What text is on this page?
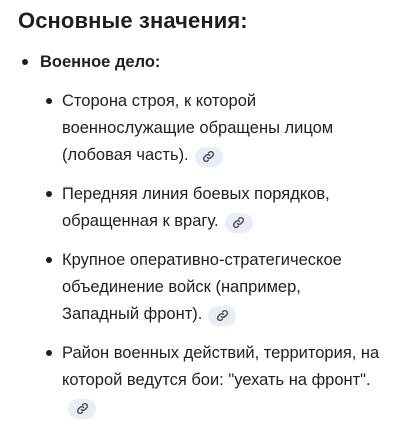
Основные значения:
Военное дело:
Сторона строя, к которой военнослужащие обращены лицом (лобовая часть).
Передняя линия боевых порядков, обращенная к врагу.
Крупное оперативно-стратегическое объединение войск (например, Западный фронт).
Район военных действий, территория, на которой ведутся бои: "уехать на фронт".
